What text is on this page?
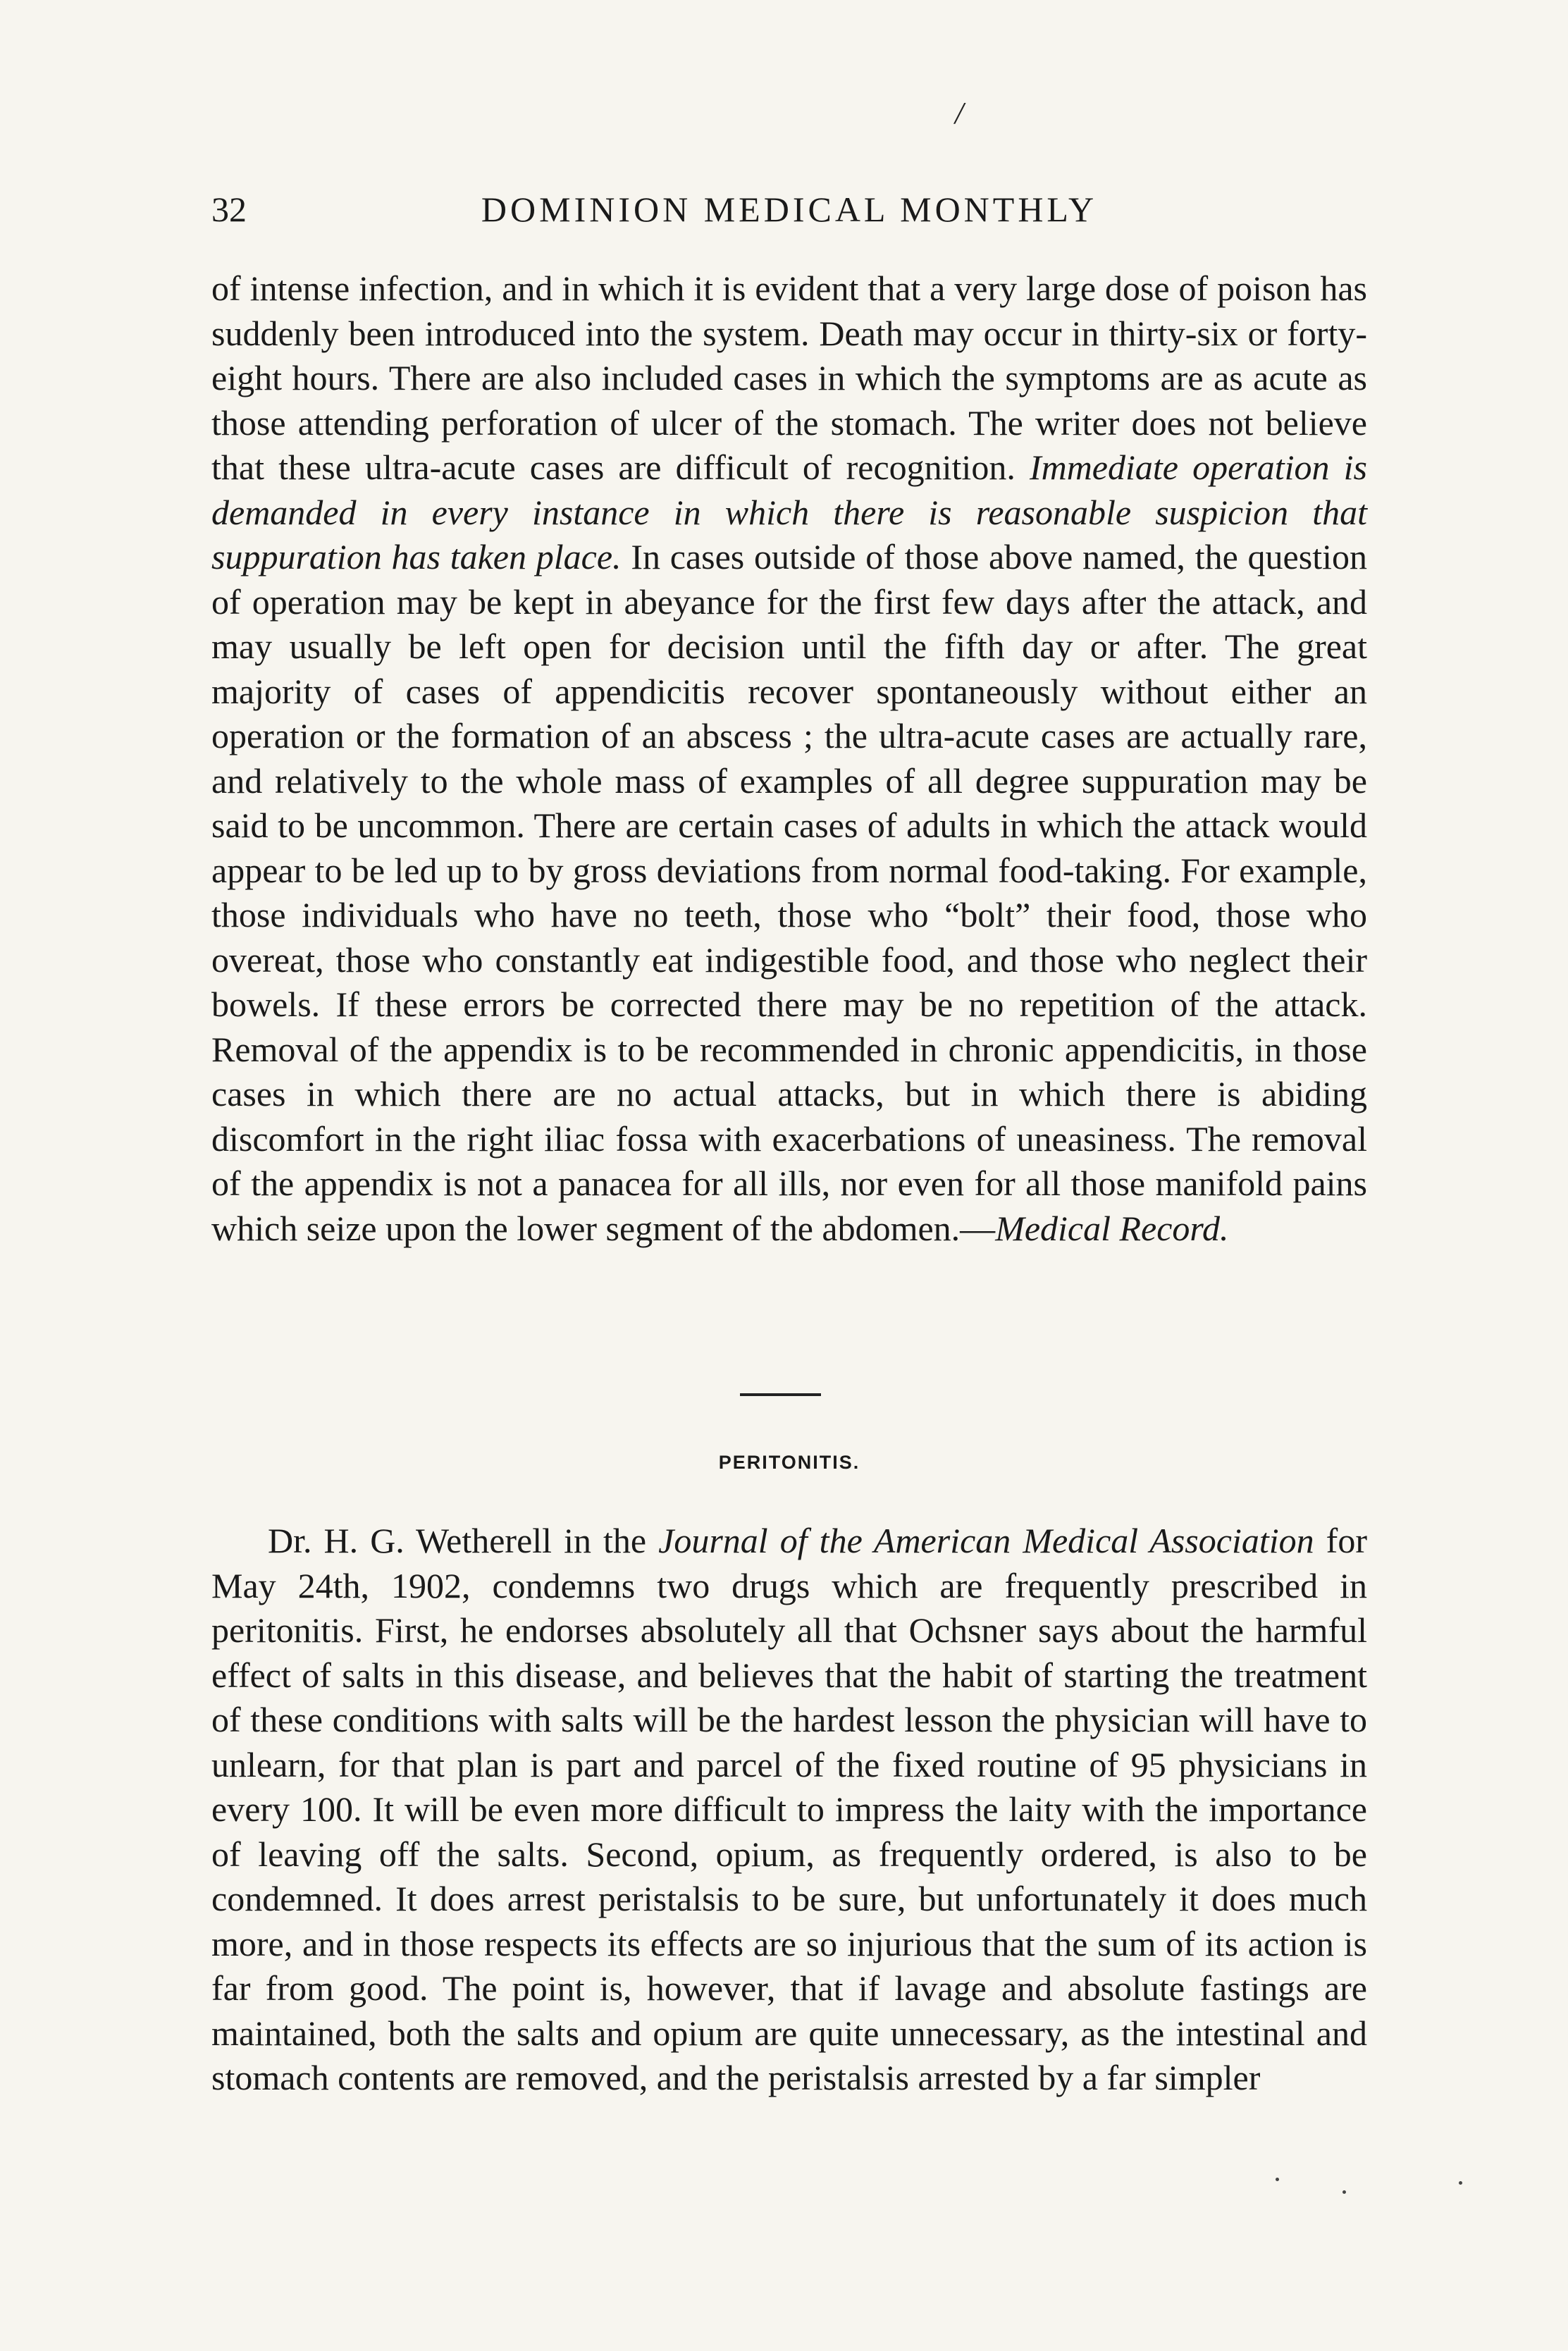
/
32	DOMINION MEDICAL MONTHLY

of intense infection, and in which it is evident that a very large dose of poison has suddenly been introduced into the system. Death may occur in thirty-six or forty-eight hours. There are also included cases in which the symptoms are as acute as those attending perforation of ulcer of the stomach. The writer does not believe that these ultra-acute cases are difficult of recognition. Immediate operation is demanded in every instance in which there is reasonable suspicion that suppuration has taken place. In cases outside of those above named, the question of operation may be kept in abeyance for the first few days after the attack, and may usually be left open for decision until the fifth day or after. The great majority of cases of appendicitis recover spontaneously without either an operation or the formation of an abscess ; the ultra-acute cases are actually rare, and relatively to the whole mass of examples of all degree suppuration may be said to be uncommon. There are certain cases of adults in which the attack would appear to be led up to by gross deviations from normal food-taking. For example, those individuals who have no teeth, those who “bolt” their food, those who overeat, those who constantly eat indigestible food, and those who neglect their bowels. If these errors be corrected there may be no repetition of the attack. Removal of the appendix is to be recommended in chronic appendicitis, in those cases in which there are no actual attacks, but in which there is abiding discomfort in the right iliac fossa with exacerbations of uneasiness. The removal of the appendix is not a panacea for all ills, nor even for all those manifold pains which seize upon the lower segment of the abdomen.—Medical Record.

PERITONITIS.

Dr. H. G. Wetherell in the Journal of the American Medical Association for May 24th, 1902, condemns two drugs which are frequently prescribed in peritonitis. First, he endorses absolutely all that Ochsner says about the harmful effect of salts in this disease, and believes that the habit of starting the treatment of these conditions with salts will be the hardest lesson the physician will have to unlearn, for that plan is part and parcel of the fixed routine of 95 physicians in every 100. It will be even more difficult to impress the laity with the importance of leaving off the salts. Second, opium, as frequently ordered, is also to be condemned. It does arrest peristalsis to be sure, but unfortunately it does much more, and in those respects its effects are so injurious that the sum of its action is far from good. The point is, however, that if lavage and absolute fastings are maintained, both the salts and opium are quite unnecessary, as the intestinal and stomach contents are removed, and the peristalsis arrested by a far simpler
